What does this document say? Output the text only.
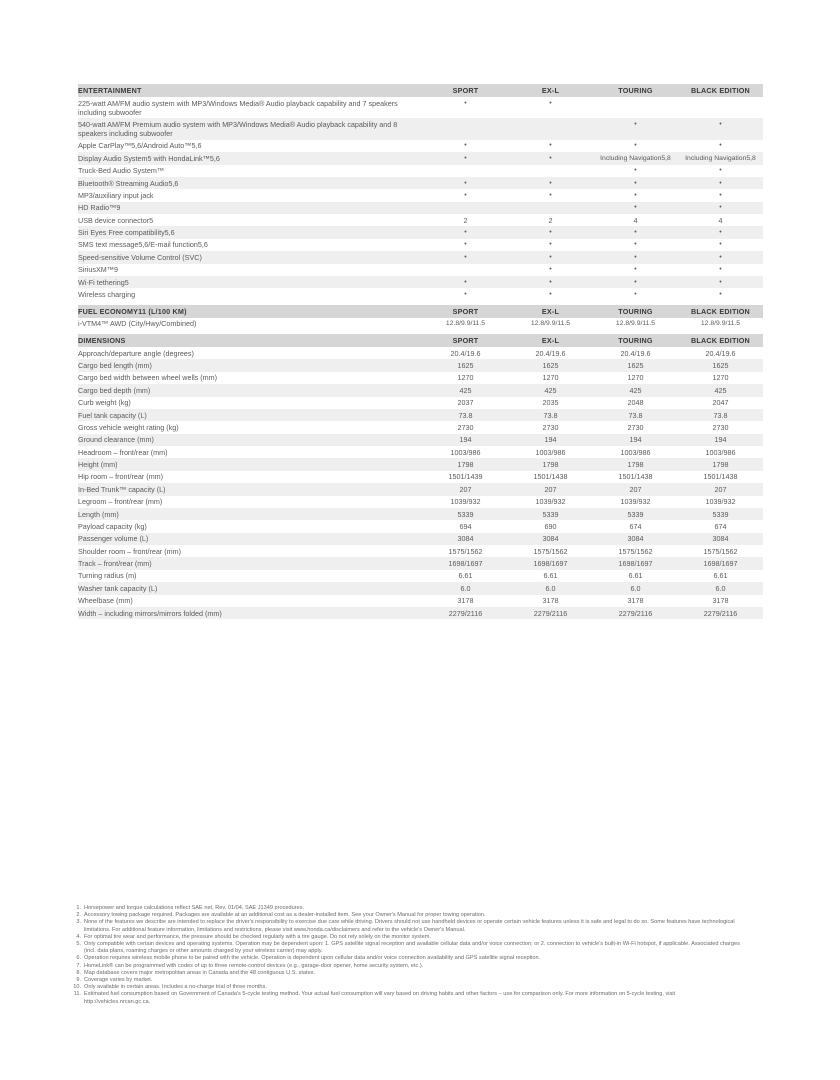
ENTERTAINMENT	SPORT	EX-L	TOURING	BLACK EDITION
225-watt AM/FM audio system with MP3/Windows Media® Audio playback capability and 7 speakers including subwoofer	•	•		
540-watt AM/FM Premium audio system with MP3/Windows Media® Audio playback capability and 8 speakers including subwoofer			•	•
Apple CarPlay™5,6/Android Auto™5,6	•	•	•	•
Display Audio System5 with HondaLink™5,6	•	•	Including Navigation5,8	Including Navigation5,8
Truck-Bed Audio System™			•	•
Bluetooth® Streaming Audio5,6	•	•	•	•
MP3/auxiliary input jack	•	•	•	•
HD Radio™9			•	•
USB device connector5	2	2	4	4
Siri Eyes Free compatibility5,6	•	•	•	•
SMS text message5,6/E-mail function5,6	•	•	•	•
Speed-sensitive Volume Control (SVC)	•	•	•	•
SiriusXM™9		•	•	•
Wi-Fi tethering5	•	•	•	•
Wireless charging	•	•	•	•
FUEL ECONOMY11 (L/100 KM)	SPORT	EX-L	TOURING	BLACK EDITION
i-VTM4™ AWD (City/Hwy/Combined)	12.8/9.9/11.5	12.8/9.9/11.5	12.8/9.9/11.5	12.8/9.9/11.5
DIMENSIONS	SPORT	EX-L	TOURING	BLACK EDITION
Approach/departure angle (degrees)	20.4/19.6	20.4/19.6	20.4/19.6	20.4/19.6
Cargo bed length (mm)	1625	1625	1625	1625
Cargo bed width between wheel wells (mm)	1270	1270	1270	1270
Cargo bed depth (mm)	425	425	425	425
Curb weight (kg)	2037	2035	2048	2047
Fuel tank capacity (L)	73.8	73.8	73.8	73.8
Gross vehicle weight rating (kg)	2730	2730	2730	2730
Ground clearance (mm)	194	194	194	194
Headroom – front/rear (mm)	1003/986	1003/986	1003/986	1003/986
Height (mm)	1798	1798	1798	1798
Hip room – front/rear (mm)	1501/1439	1501/1438	1501/1438	1501/1438
In-Bed Trunk™ capacity (L)	207	207	207	207
Legroom – front/rear (mm)	1039/932	1039/932	1039/932	1039/932
Length (mm)	5339	5339	5339	5339
Payload capacity (kg)	694	690	674	674
Passenger volume (L)	3084	3084	3084	3084
Shoulder room – front/rear (mm)	1575/1562	1575/1562	1575/1562	1575/1562
Track – front/rear (mm)	1698/1697	1698/1697	1698/1697	1698/1697
Turning radius (m)	6.61	6.61	6.61	6.61
Washer tank capacity (L)	6.0	6.0	6.0	6.0
Wheelbase (mm)	3178	3178	3178	3178
Width – including mirrors/mirrors folded (mm)	2279/2116	2279/2116	2279/2116	2279/2116
1. Horsepower and torque calculations reflect SAE net, Rev. 01/04, SAE J1349 procedures.
2. Accessory towing package required. Packages are available at an additional cost as a dealer-installed item. See your Owner's Manual for proper towing operation.
3. None of the features we describe are intended to replace the driver's responsibility to exercise due care while driving. Drivers should not use handheld devices or operate certain vehicle features unless it is safe and legal to do so. Some features have technological limitations. For additional feature information, limitations and restrictions, please visit www.honda.ca/disclaimers and refer to the vehicle's Owner's Manual.
4. For optimal tire wear and performance, the pressure should be checked regularly with a tire gauge. Do not rely solely on the monitor system.
5. Only compatible with certain devices and operating systems. Operation may be dependent upon: 1. GPS satellite signal reception and available cellular data and/or voice connection; or 2. connection to vehicle's built-in Wi-Fi hotspot, if applicable. Associated charges (incl. data plans, roaming charges or other amounts charged by your wireless carrier) may apply.
6. Operation requires wireless mobile phone to be paired with the vehicle. Operation is dependent upon cellular data and/or voice connection availability and GPS satellite signal reception.
7. HomeLink® can be programmed with codes of up to three remote-control devices (e.g., garage-door opener, home security system, etc.).
8. Map database covers major metropolitan areas in Canada and the 48 contiguous U.S. states.
9. Coverage varies by market.
10. Only available in certain areas. Includes a no-charge trial of three months.
11. Estimated fuel consumption based on Government of Canada's 5-cycle testing method. Your actual fuel consumption will vary based on driving habits and other factors – use for comparison only. For more information on 5-cycle testing, visit http://vehicles.nrcan.gc.ca.
